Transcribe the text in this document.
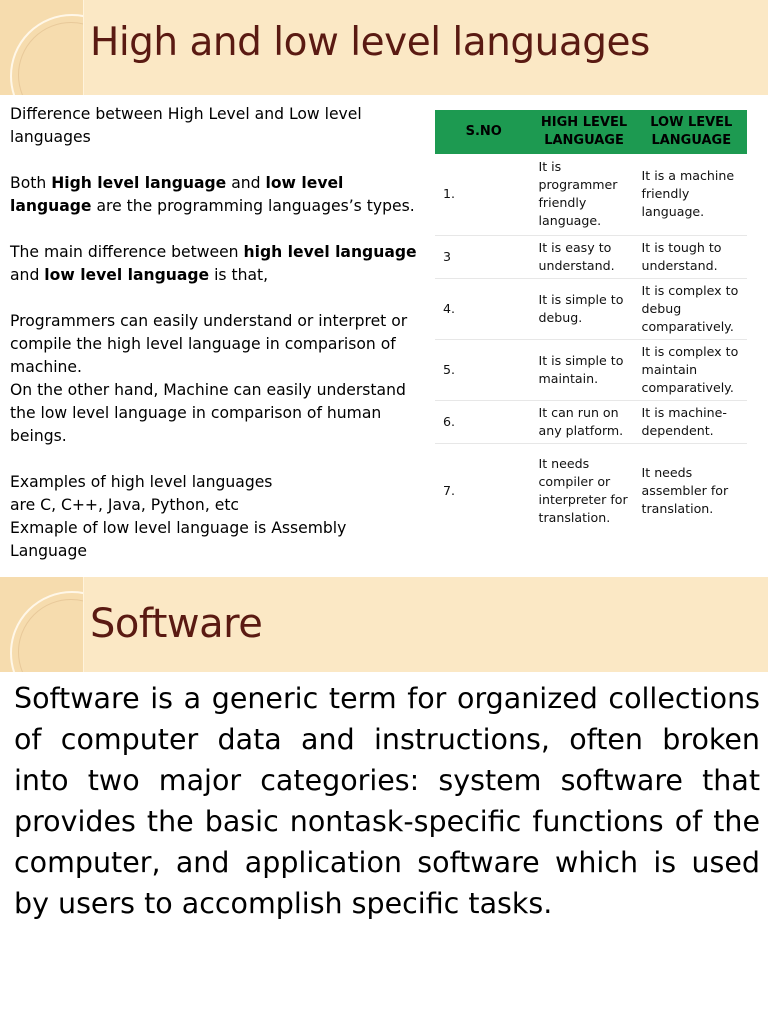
High and low level languages

Difference between High Level and Low level languages

Both High level language and low level language are the programming languages’s types.

The main difference between high level language and low level language is that,

Programmers can easily understand or interpret or compile the high level language in comparison of machine.

On the other hand, Machine can easily understand the low level language in comparison of human beings.

Examples of high level languages
are C, C++, Java, Python, etc
Exmaple of low level language is Assembly Language

S.NO	HIGH LEVEL LANGUAGE	LOW LEVEL LANGUAGE
1.	It is programmer friendly language.	It is a machine friendly language.
3	It is easy to understand.	It is tough to understand.
4.	It is simple to debug.	It is complex to debug comparatively.
5.	It is simple to maintain.	It is complex to maintain comparatively.
6.	It can run on any platform.	It is machine-dependent.
7.	It needs compiler or interpreter for translation.	It needs assembler for translation.
Software
Software is a generic term for organized collections of computer data and instructions, often broken into two major categories: system software that provides the basic nontask-specific functions of the computer, and application software which is used by users to accomplish specific tasks.
